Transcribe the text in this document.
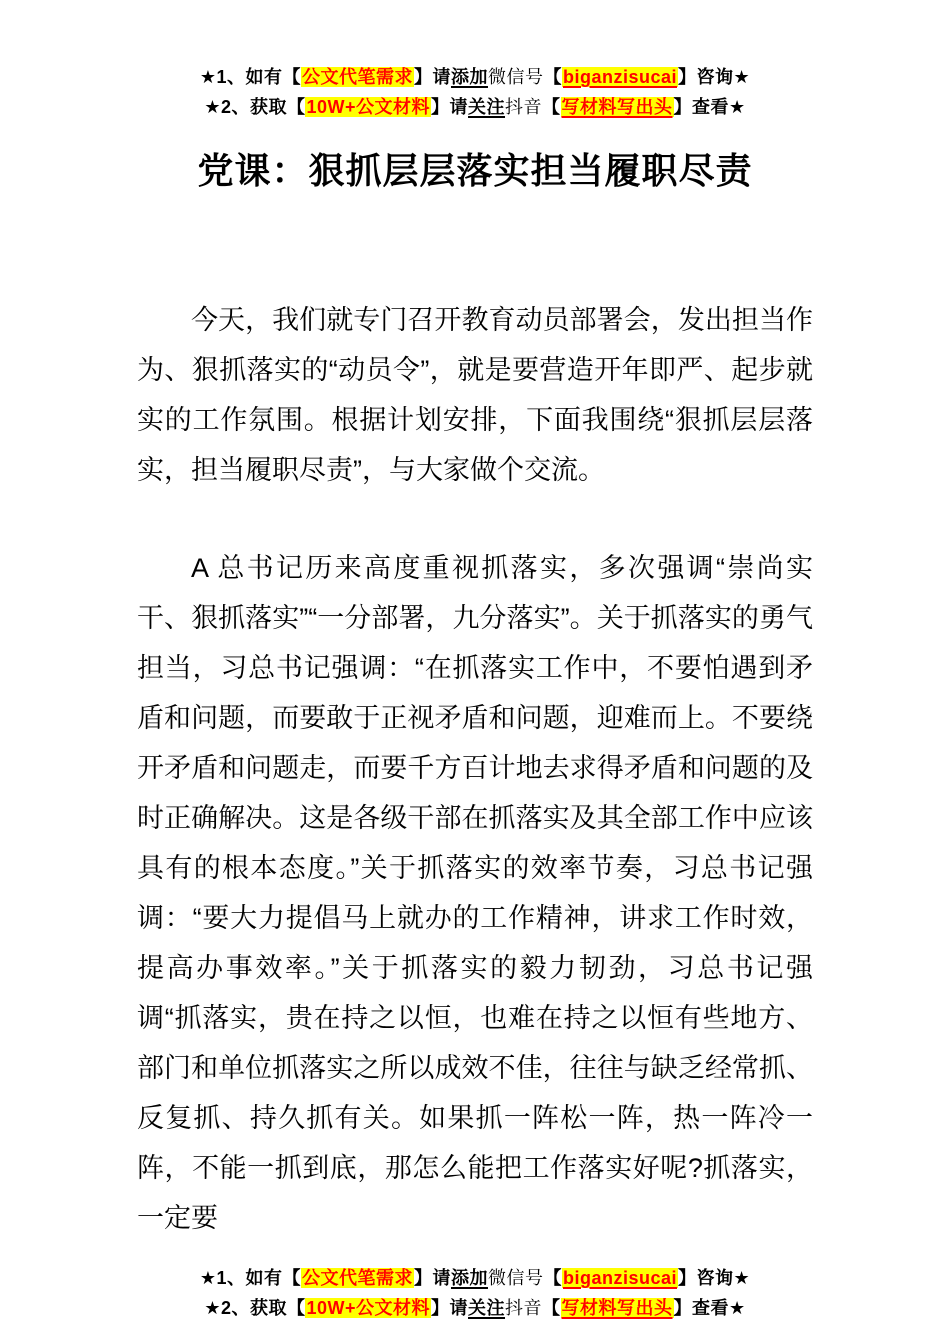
★1、如有【公文代笔需求】请添加微信号【biganzisucai】咨询★
★2、获取【10W+公文材料】请关注抖音【写材料写出头】查看★
党课：狠抓层层落实担当履职尽责

今天，我们就专门召开教育动员部署会，发出担当作为、狠抓落实的“动员令”，就是要营造开年即严、起步就实的工作氛围。根据计划安排，下面我围绕“狠抓层层落实，担当履职尽责”，与大家做个交流。

A 总书记历来高度重视抓落实，多次强调“崇尚实干、狠抓落实”“一分部署，九分落实”。关于抓落实的勇气担当，习总书记强调：“在抓落实工作中，不要怕遇到矛盾和问题，而要敢于正视矛盾和问题，迎难而上。不要绕开矛盾和问题走，而要千方百计地去求得矛盾和问题的及时正确解决。这是各级干部在抓落实及其全部工作中应该具有的根本态度。”关于抓落实的效率节奏，习总书记强调：“要大力提倡马上就办的工作精神，讲求工作时效，提高办事效率。”关于抓落实的毅力韧劲，习总书记强调“抓落实，贵在持之以恒，也难在持之以恒有些地方、部门和单位抓落实之所以成效不佳，往往与缺乏经常抓、反复抓、持久抓有关。如果抓一阵松一阵，热一阵冷一阵，不能一抓到底，那怎么能把工作落实好呢?抓落实，一定要

★1、如有【公文代笔需求】请添加微信号【biganzisucai】咨询★
★2、获取【10W+公文材料】请关注抖音【写材料写出头】查看★
